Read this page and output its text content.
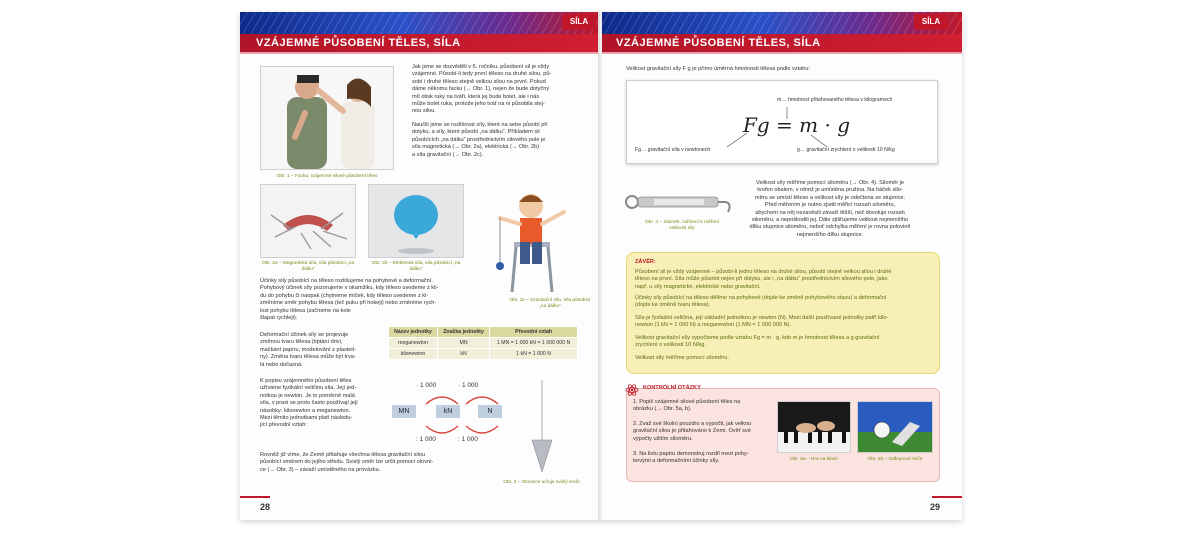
SÍLA
VZÁJEMNÉ PŮSOBENÍ TĚLES, SÍLA
Obr. 1 – Facka, vzájemné silové působení těles
Jak jsme se dozvěděli v 6. ročníku, působení sil je vždy
vzájemné. Působí-li tedy první těleso na druhé silou, pů-
sobí i druhé těleso stejně velkou silou na první. Pokud
dáme někomu facku (→ Obr. 1), nejen že bude dotyčný
mít otisk ruky na tváři, která jej bude bolet, ale i nás
může bolet ruka, protože jeho tvář na ni působila stej-
nou silou.
Naučili jsme se rozlišovat síly, které na sebe působí při
dotyku, a síly, které působí „na dálku“. Příkladem sil
působících „na dálku“ prostřednictvím silového pole je
síla magnetická (→ Obr. 2a), elektrická (→ Obr. 2b)
a síla gravitační (→ Obr. 2c).
Obr. 2a – Magnetická síla, síla působící „na dálku“
Obr. 2b – Elektrická síla, síla působící „na dálku“
Obr. 2c – Gravitační síla, síla působící „na dálku“
Účinky síly působící na těleso rozlišujeme na pohybové a deformační.
Pohybový účinek síly pozorujeme v okamžiku, kdy těleso uvedeme z kli-
du do pohybu či naopak (chytneme míček, kdy těleso uvedeme z kl-
změníme směr pohybu tělesa (teč puku při hokeji) nebo změníme rych-
lost pohybu tělesa (začneme na kole
šlapat rychleji).
Deformační účinek síly se projevuje
změnou tvaru tělesa (tiptání drivi,
mačkání papíru, modelování z plastelí-
ny). Změna tvaru tělesa může být trva-
lá nebo dočasná.
K popisu vzájemného působení těles
užíváme fyzikální veličinu síla. Její jed-
notkou je newton. Je to poměrně malá
síla, v praxi se proto často používají její
násobky: kilonewton a meganewton.
Mezi těmito jednotkami platí následu-
jící převodní vztah:
Název jednotky	Značka jednotky	Převodní vztah
meganewton	MN	1 MN = 1 000 kN = 1 000 000 N
kilonewton	kN	1 kN = 1 000 N
· 1 000	· 1 000
MN	kN	N
: 1 000	: 1 000
Obr. 3 – Olovnice určuje svislý směr.
Rovněž již víme, že Země přitahuje všechna tělesa gravitační silou
působící směrem do jejího středu. Svislý směr lze určit pomocí olovni-
ce (→ Obr. 3) – závaží umístěného na provázku.
28
SÍLA
VZÁJEMNÉ PŮSOBENÍ TĚLES, SÍLA
Velikost gravitační síly F g je přímo úměrná hmotnosti tělesa podle vztahu:
m… hmotnost přitahovaného tělesa v kilogramech
Fg = m · g
Fg… gravitační síla v newtonech	g… gravitační zrychlení o velikosti 10 N/kg
Obr. 4 – Siloměr, zařízení k měření velikosti síly
Velikost síly měříme pomocí siloměru (→ Obr. 4). Siloměr je
tvořen obalem, v němž je umístěna pružina. Na háček silo-
měru se umístí těleso a velikost síly je odečtena ze stupnice.
Před měřením je nutno zjistit měřicí rozsah siloměru,
abychom na něj nezavěsili závaží těžší, než dovoluje rozsah
siloměru, a nepoškodili jej. Dále zjišťujeme velikost nejmenšího
dílku stupnice siloměru, neboť odchylka měření je rovna polovině
nejmenšího dílku stupnice.
ZÁVĚR:
Působení sil je vždy vzájemné – působí-li jedno těleso na druhé silou, působí stejně velkou silou i druhé
těleso na první. Síla může působit nejen při dotyku, ale i „na dálku“ prostřednictvím silového pole, jako
např. u síly magnetické, elektrické nebo gravitační.
Účinky síly působící na těleso dělíme na pohybové (dojde ke změně pohybového stavu) a deformační
(dojde ke změně tvaru tělesa).
Síla je fyzikální veličina, její základní jednotkou je newton (N). Mezi další používané jednotky patří kilo-
newton (1 kN = 1 000 N) a meganewton (1 MN = 1 000 000 N).
Velikost gravitační síly vypočteme podle vztahu Fg = m · g, kde m je hmotnost tělesa a g gravitační
zrychlení o velikosti 10 N/kg.
Velikost síly měříme pomocí siloměru.
KONTROLNÍ OTÁZKY
1. Popiš vzájemné silové působení těles na
obrázku (→ Obr. 5a, b).
2. Zvaž své školní pouzdro a vypočti, jak velkou
gravitační silou je přitahováno k Zemi. Ověř své
výpočty užitím siloměru.
3. Na listu papíru demonstruj rozdíl mezi pohy-
bovými a deformačními účinky síly.	Obr. 5a – Hra na klavír	Obr. 5b – Odkopnutí míče
29
